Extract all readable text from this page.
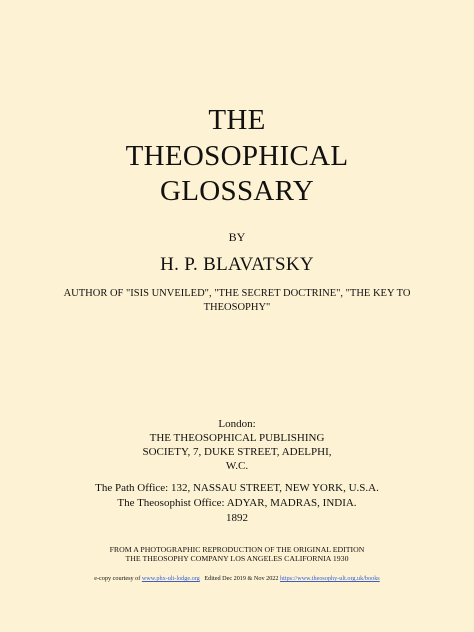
THE
THEOSOPHICAL
GLOSSARY
BY
H. P. BLAVATSKY
AUTHOR OF "ISIS UNVEILED", "THE SECRET DOCTRINE", "THE KEY TO
THEOSOPHY"
London:
THE THEOSOPHICAL PUBLISHING
SOCIETY, 7, DUKE STREET, ADELPHI,
W.C.
The Path Office: 132, NASSAU STREET, NEW YORK, U.S.A.
The Theosophist Office: ADYAR, MADRAS, INDIA.
1892
FROM A PHOTOGRAPHIC REPRODUCTION OF THE ORIGINAL EDITION
THE THEOSOPHY COMPANY LOS ANGELES CALIFORNIA 1930
e-copy courtesy of www.phx-ult-lodge.org Edited Dec 2019 & Nov 2022 https://www.theosophy-ult.org.uk/books
